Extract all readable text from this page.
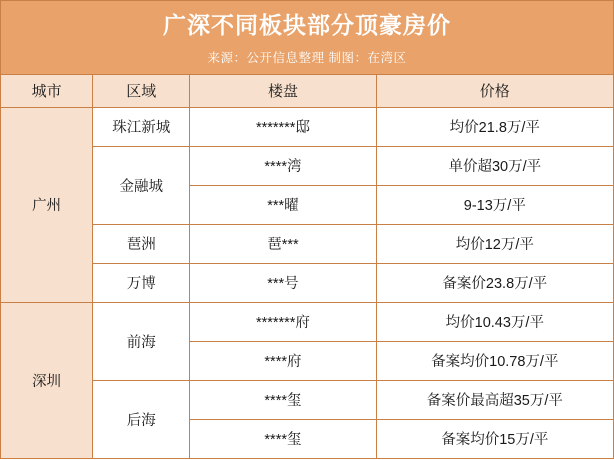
广深不同板块部分顶豪房价
来源：公开信息整理 制图：在湾区
城市	区域	楼盘	价格
广州	珠江新城	*******邸	均价21.8万/平
	金融城	****湾	单价超30万/平
		***曜	9-13万/平
	琶洲	琶***	均价12万/平
	万博	***号	备案价23.8万/平
深圳	前海	*******府	均价10.43万/平
		****府	备案均价10.78万/平
	后海	****玺	备案价最高超35万/平
		****玺	备案均价15万/平
